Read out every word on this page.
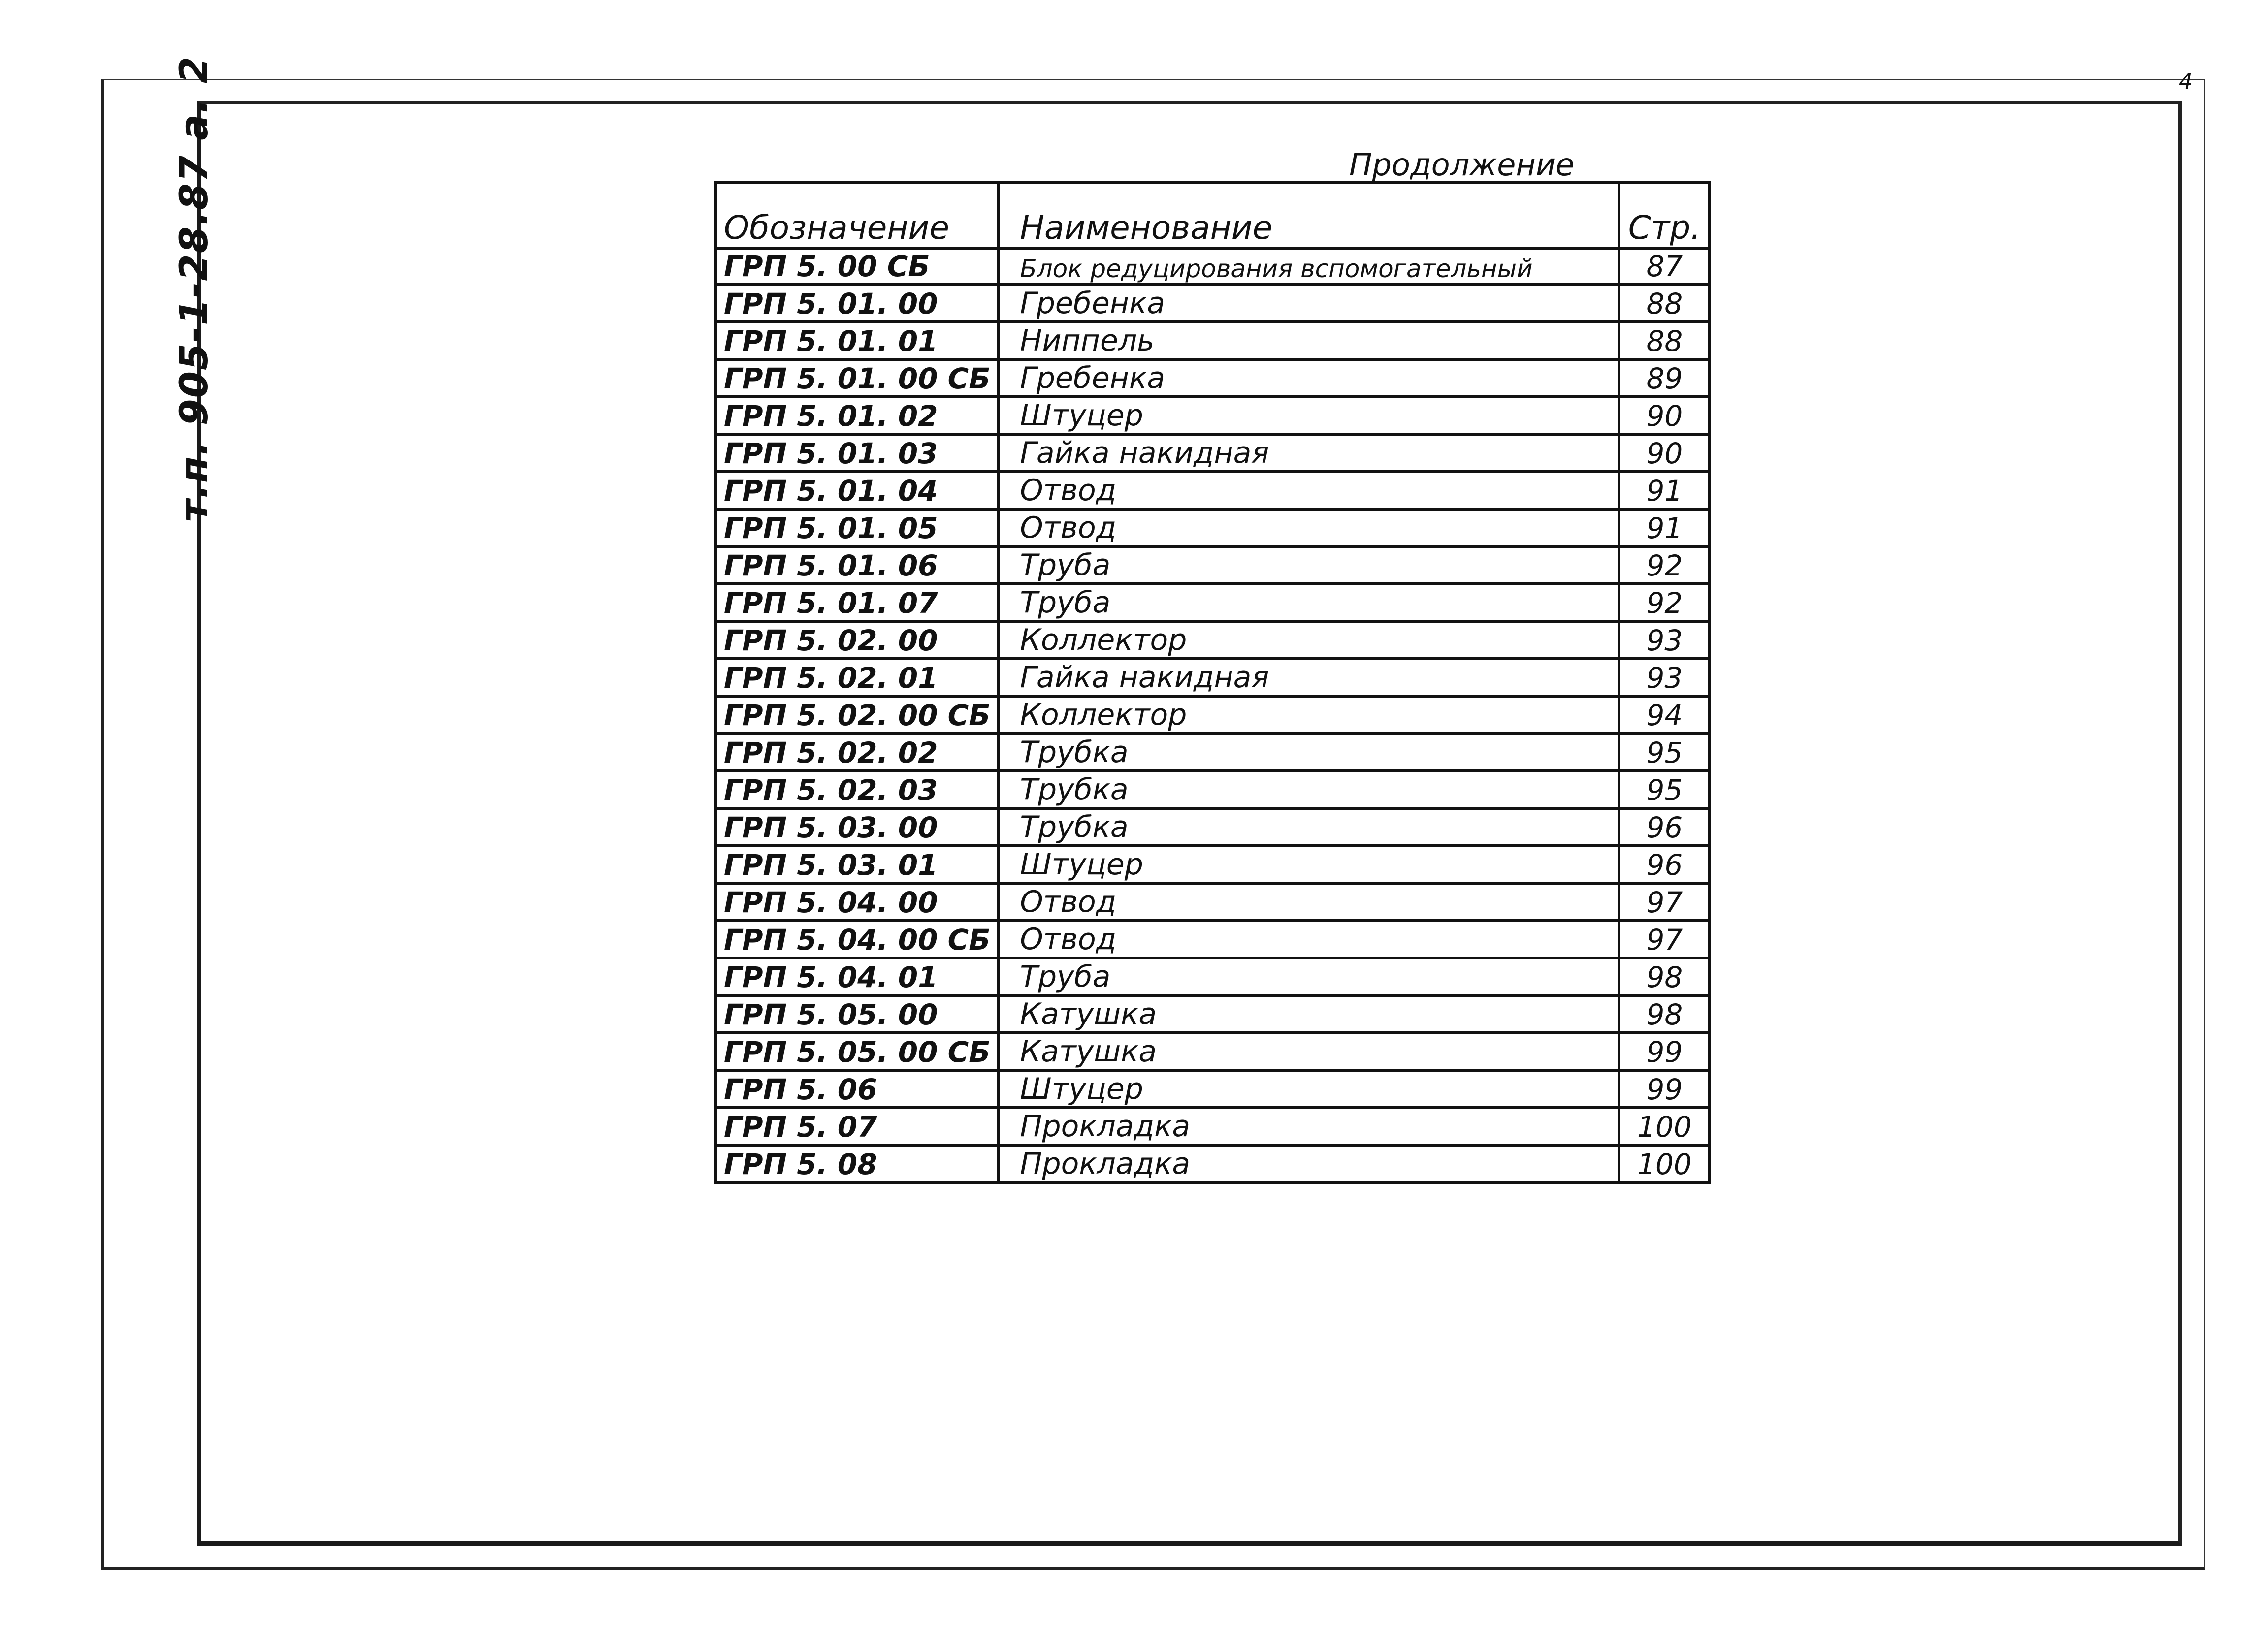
4
т.п. 905-1-28.87 а. 2	Продолжение
Обозначение	Наименование	Стр.
ГРП 5. 00 СБ	Блок редуцирования вспомогательный	87
ГРП 5. 01. 00	Гребенка	88
ГРП 5. 01. 01	Ниппель	88
ГРП 5. 01. 00 СБ	Гребенка	89
ГРП 5. 01. 02	Штуцер	90
ГРП 5. 01. 03	Гайка накидная	90
ГРП 5. 01. 04	Отвод	91
ГРП 5. 01. 05	Отвод	91
ГРП 5. 01. 06	Труба	92
ГРП 5. 01. 07	Труба	92
ГРП 5. 02. 00	Коллектор	93
ГРП 5. 02. 01	Гайка накидная	93
ГРП 5. 02. 00 СБ	Коллектор	94
ГРП 5. 02. 02	Трубка	95
ГРП 5. 02. 03	Трубка	95
ГРП 5. 03. 00	Трубка	96
ГРП 5. 03. 01	Штуцер	96
ГРП 5. 04. 00	Отвод	97
ГРП 5. 04. 00 СБ	Отвод	97
ГРП 5. 04. 01	Труба	98
ГРП 5. 05. 00	Катушка	98
ГРП 5. 05. 00 СБ	Катушка	99
ГРП 5. 06	Штуцер	99
ГРП 5. 07	Прокладка	100
ГРП 5. 08	Прокладка	100
